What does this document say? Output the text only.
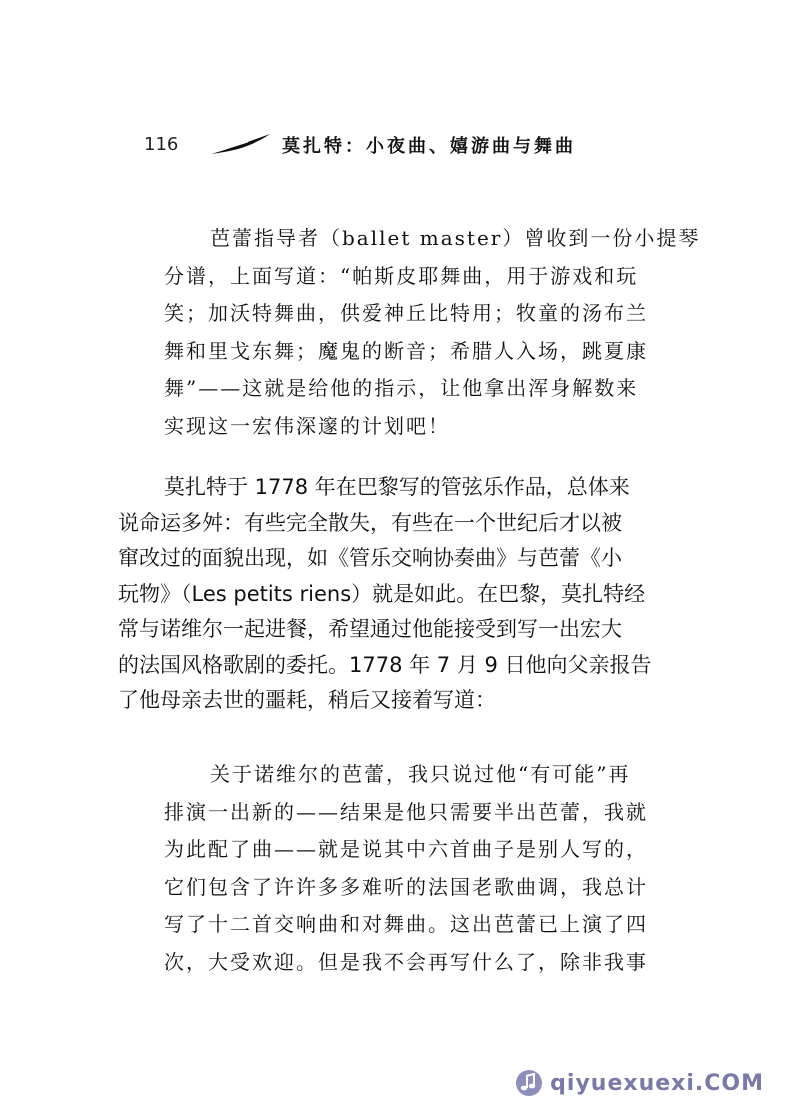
116	莫扎特：小夜曲、嬉游曲与舞曲

芭蕾指导者（ballet master）曾收到一份小提琴

分谱，上面写道：“帕斯皮耶舞曲，用于游戏和玩

笑；加沃特舞曲，供爱神丘比特用；牧童的汤布兰

舞和里戈东舞；魔鬼的断音；希腊人入场，跳夏康

舞”——这就是给他的指示，让他拿出浑身解数来

实现这一宏伟深邃的计划吧！

莫扎特于 1778 年在巴黎写的管弦乐作品，总体来

说命运多舛：有些完全散失，有些在一个世纪后才以被

窜改过的面貌出现，如《管乐交响协奏曲》与芭蕾《小

玩物》（Les petits riens）就是如此。在巴黎，莫扎特经

常与诺维尔一起进餐，希望通过他能接受到写一出宏大

的法国风格歌剧的委托。1778 年 7 月 9 日他向父亲报告

了他母亲去世的噩耗，稍后又接着写道：

关于诺维尔的芭蕾，我只说过他“有可能”再

排演一出新的——结果是他只需要半出芭蕾，我就

为此配了曲——就是说其中六首曲子是别人写的，

它们包含了许许多多难听的法国老歌曲调，我总计

写了十二首交响曲和对舞曲。这出芭蕾已上演了四

次，大受欢迎。但是我不会再写什么了，除非我事

qiyuexuexi.COM
